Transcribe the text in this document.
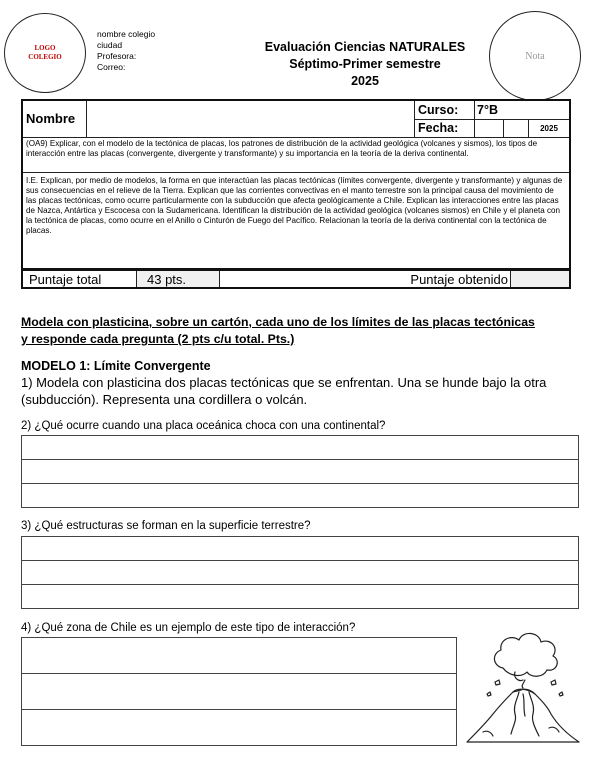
LOGO COLEGIO
nombre colegio
ciudad
Profesora:
Correo:
Evaluación Ciencias NATURALES
Séptimo-Primer semestre
2025
Nota
Nombre		Curso:	7°B		
		Fecha:			2025
(OA9) Explicar, con el modelo de la tectónica de placas, los patrones de distribución de la actividad geológica (volcanes y sismos), los tipos de interacción entre las placas (convergente, divergente y transformante) y su importancia en la teoría de la deriva continental.					
I.E. Explican, por medio de modelos, la forma en que interactúan las placas tectónicas (límites convergente, divergente y transformante) y algunas de sus consecuencias en el relieve de la Tierra. Explican que las corrientes convectivas en el manto terrestre son la principal causa del movimiento de las placas tectónicas, como ocurre particularmente con la subducción que afecta geológicamente a Chile. Explican las interacciones entre las placas de Nazca, Antártica y Escocesa con la Sudamericana. Identifican la distribución de la actividad geológica (volcanes sismos) en Chile y el planeta con la tectónica de placas, como ocurre en el Anillo o Cinturón de Fuego del Pacífico. Relacionan la teoría de la deriva continental con la tectónica de placas.					
Puntaje total	43 pts.	Puntaje obtenido	
Modela con plasticina, sobre un cartón, cada uno de los límites de las placas tectónicas
y responde cada pregunta (2 pts c/u total. Pts.)
MODELO 1: Límite Convergente
1) Modela con plasticina dos placas tectónicas que se enfrentan. Una se hunde bajo la otra (subducción). Representa una cordillera o volcán.
2) ¿Qué ocurre cuando una placa oceánica choca con una continental?
3) ¿Qué estructuras se forman en la superficie terrestre?
4) ¿Qué zona de Chile es un ejemplo de este tipo de interacción?
